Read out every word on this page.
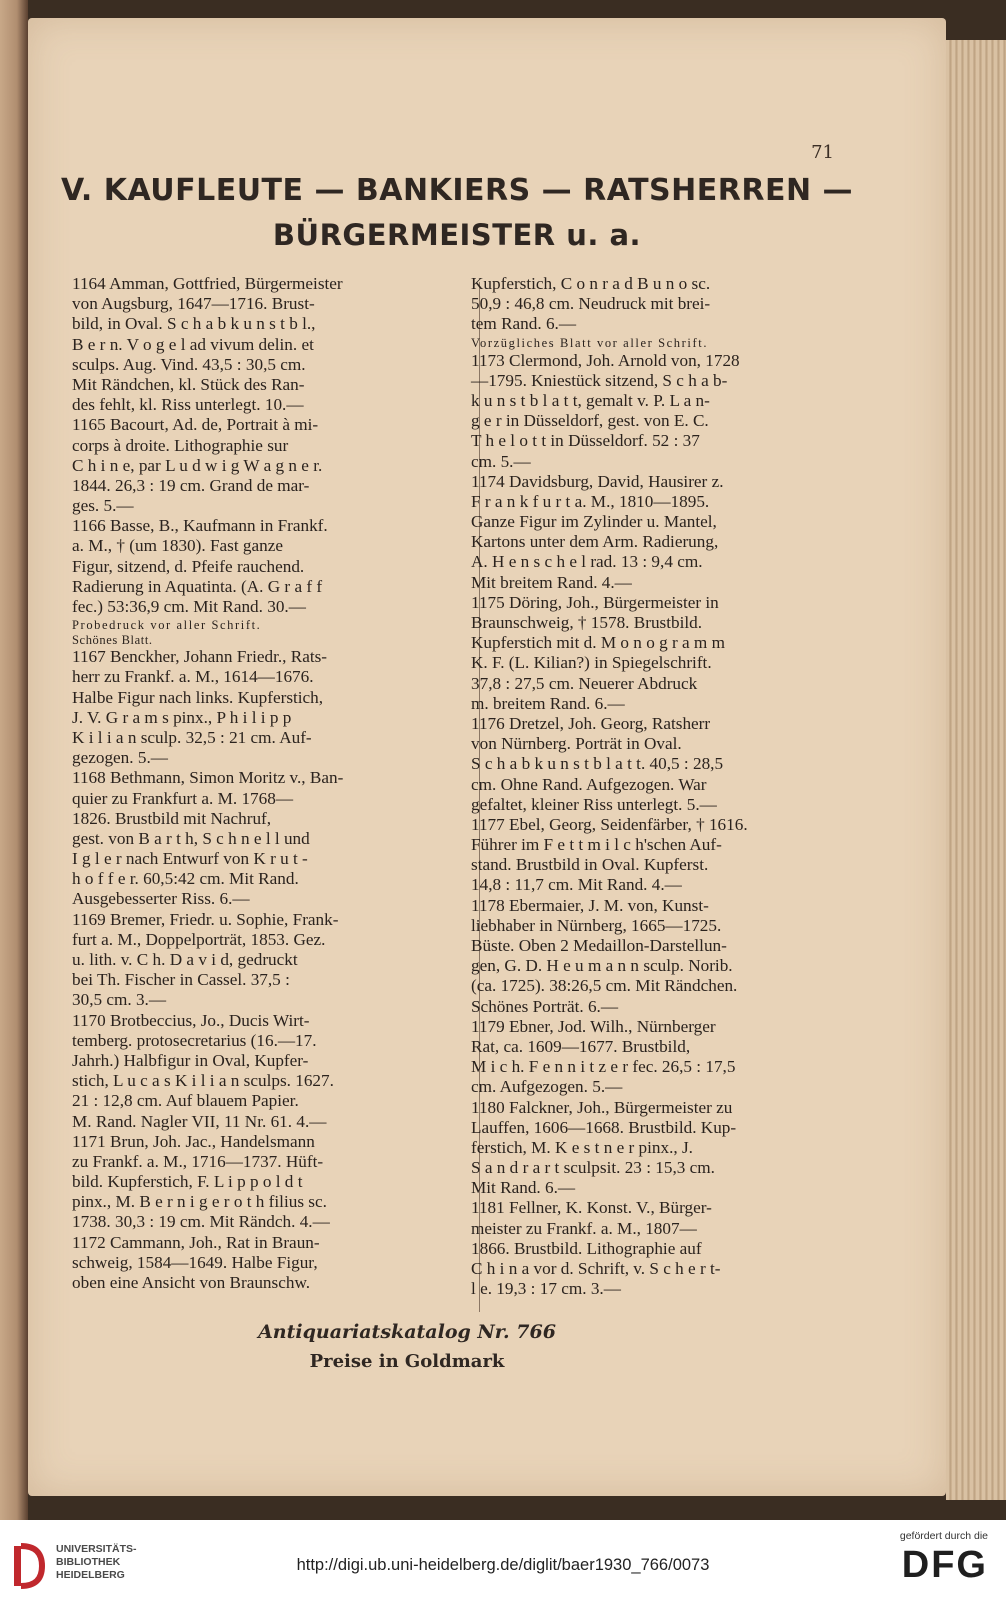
71
V. KAUFLEUTE — BANKIERS — RATSHERREN —
BÜRGERMEISTER u. a.
1164 Amman, Gottfried, Bürgermeister
von Augsburg, 1647—1716. Brust-
bild, in Oval. S c h a b k u n s t b l.,
B e r n. V o g e l ad vivum delin. et
sculps. Aug. Vind. 43,5 : 30,5 cm.
Mit Rändchen, kl. Stück des Ran-
des fehlt, kl. Riss unterlegt. 10.—
1165 Bacourt, Ad. de, Portrait à mi-
corps à droite. Lithographie sur
C h i n e, par L u d w i g W a g n e r.
1844. 26,3 : 19 cm. Grand de mar-
ges. 5.—
1166 Basse, B., Kaufmann in Frankf.
a. M., † (um 1830). Fast ganze
Figur, sitzend, d. Pfeife rauchend.
Radierung in Aquatinta. (A. G r a f f
fec.) 53:36,9 cm. Mit Rand. 30.—
Probedruck vor aller Schrift.
Schönes Blatt.
1167 Benckher, Johann Friedr., Rats-
herr zu Frankf. a. M., 1614—1676.
Halbe Figur nach links. Kupferstich,
J. V. G r a m s pinx., P h i l i p p
K i l i a n sculp. 32,5 : 21 cm. Auf-
gezogen. 5.—
1168 Bethmann, Simon Moritz v., Ban-
quier zu Frankfurt a. M. 1768—
1826. Brustbild mit Nachruf,
gest. von B a r t h, S c h n e l l und
I g l e r nach Entwurf von K r u t -
h o f f e r. 60,5:42 cm. Mit Rand.
Ausgebesserter Riss. 6.—
1169 Bremer, Friedr. u. Sophie, Frank-
furt a. M., Doppelporträt, 1853. Gez.
u. lith. v. C h. D a v i d, gedruckt
bei Th. Fischer in Cassel. 37,5 :
30,5 cm. 3.—
1170 Brotbeccius, Jo., Ducis Wirt-
temberg. protosecretarius (16.—17.
Jahrh.) Halbfigur in Oval, Kupfer-
stich, L u c a s K i l i a n sculps. 1627.
21 : 12,8 cm. Auf blauem Papier.
M. Rand. Nagler VII, 11 Nr. 61. 4.—
1171 Brun, Joh. Jac., Handelsmann
zu Frankf. a. M., 1716—1737. Hüft-
bild. Kupferstich, F. L i p p o l d t
pinx., M. B e r n i g e r o t h filius sc.
1738. 30,3 : 19 cm. Mit Rändch. 4.—
1172 Cammann, Joh., Rat in Braun-
schweig, 1584—1649. Halbe Figur,
oben eine Ansicht von Braunschw.
Kupferstich, C o n r a d B u n o sc.
50,9 : 46,8 cm. Neudruck mit brei-
tem Rand. 6.—
Vorzügliches Blatt vor aller Schrift.
1173 Clermond, Joh. Arnold von, 1728
—1795. Kniestück sitzend, S c h a b-
k u n s t b l a t t, gemalt v. P. L a n-
g e r in Düsseldorf, gest. von E. C.
T h e l o t t in Düsseldorf. 52 : 37
cm. 5.—
1174 Davidsburg, David, Hausirer z.
F r a n k f u r t a. M., 1810—1895.
Ganze Figur im Zylinder u. Mantel,
Kartons unter dem Arm. Radierung,
A. H e n s c h e l rad. 13 : 9,4 cm.
Mit breitem Rand. 4.—
1175 Döring, Joh., Bürgermeister in
Braunschweig, † 1578. Brustbild.
Kupferstich mit d. M o n o g r a m m
K. F. (L. Kilian?) in Spiegelschrift.
37,8 : 27,5 cm. Neuerer Abdruck
m. breitem Rand. 6.—
1176 Dretzel, Joh. Georg, Ratsherr
von Nürnberg. Porträt in Oval.
S c h a b k u n s t b l a t t. 40,5 : 28,5
cm. Ohne Rand. Aufgezogen. War
gefaltet, kleiner Riss unterlegt. 5.—
1177 Ebel, Georg, Seidenfärber, † 1616.
Führer im F e t t m i l c h'schen Auf-
stand. Brustbild in Oval. Kupferst.
14,8 : 11,7 cm. Mit Rand. 4.—
1178 Ebermaier, J. M. von, Kunst-
liebhaber in Nürnberg, 1665—1725.
Büste. Oben 2 Medaillon-Darstellun-
gen, G. D. H e u m a n n sculp. Norib.
(ca. 1725). 38:26,5 cm. Mit Rändchen.
Schönes Porträt. 6.—
1179 Ebner, Jod. Wilh., Nürnberger
Rat, ca. 1609—1677. Brustbild,
M i c h. F e n n i t z e r fec. 26,5 : 17,5
cm. Aufgezogen. 5.—
1180 Falckner, Joh., Bürgermeister zu
Lauffen, 1606—1668. Brustbild. Kup-
ferstich, M. K e s t n e r pinx., J.
S a n d r a r t sculpsit. 23 : 15,3 cm.
Mit Rand. 6.—
1181 Fellner, K. Konst. V., Bürger-
meister zu Frankf. a. M., 1807—
1866. Brustbild. Lithographie auf
C h i n a vor d. Schrift, v. S c h e r t-
l e. 19,3 : 17 cm. 3.—
Antiquariatskatalog Nr. 766
Preise in Goldmark
UNIVERSITÄTS-
BIBLIOTHEK
HEIDELBERG
http://digi.ub.uni-heidelberg.de/diglit/baer1930_766/0073
gefördert durch die
DFG
